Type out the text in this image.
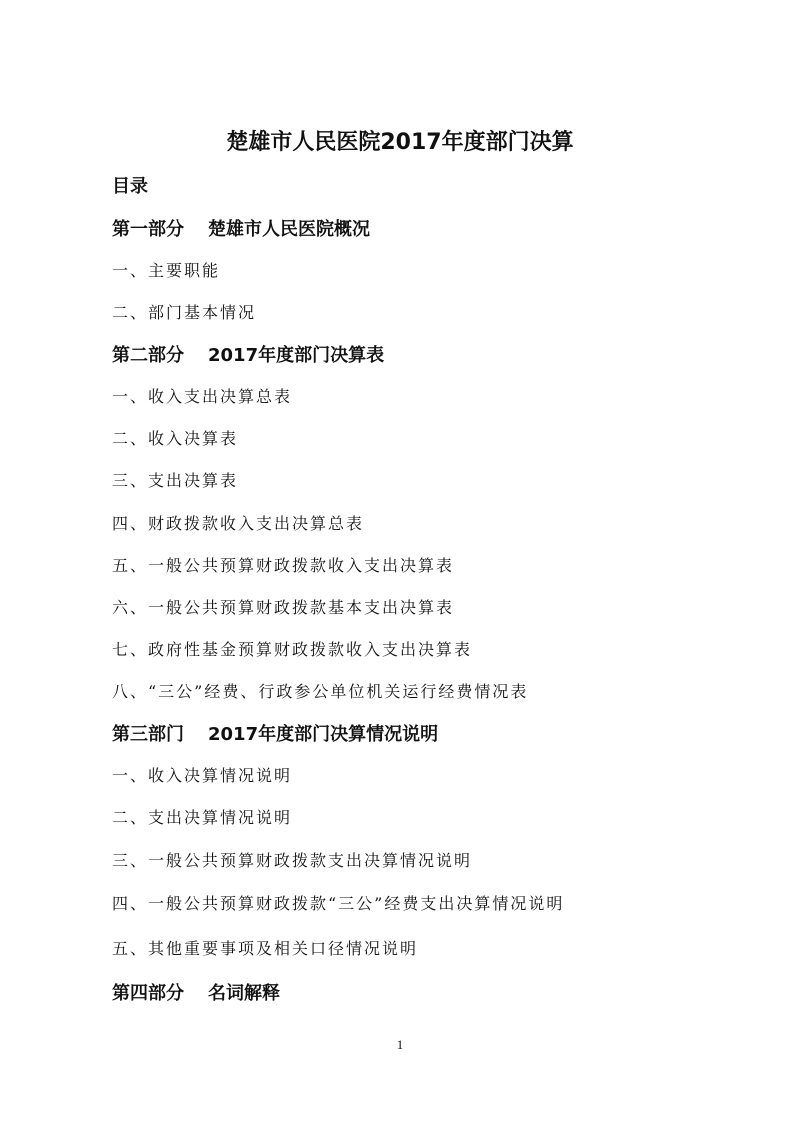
楚雄市人民医院2017年度部门决算
目录
第一部分 楚雄市人民医院概况
一、主要职能
二、部门基本情况
第二部分 2017年度部门决算表
一、收入支出决算总表
二、收入决算表
三、支出决算表
四、财政拨款收入支出决算总表
五、一般公共预算财政拨款收入支出决算表
六、一般公共预算财政拨款基本支出决算表
七、政府性基金预算财政拨款收入支出决算表
八、“三公”经费、行政参公单位机关运行经费情况表
第三部门 2017年度部门决算情况说明
一、收入决算情况说明
二、支出决算情况说明
三、一般公共预算财政拨款支出决算情况说明
四、一般公共预算财政拨款“三公”经费支出决算情况说明
五、其他重要事项及相关口径情况说明
第四部分 名词解释
1
